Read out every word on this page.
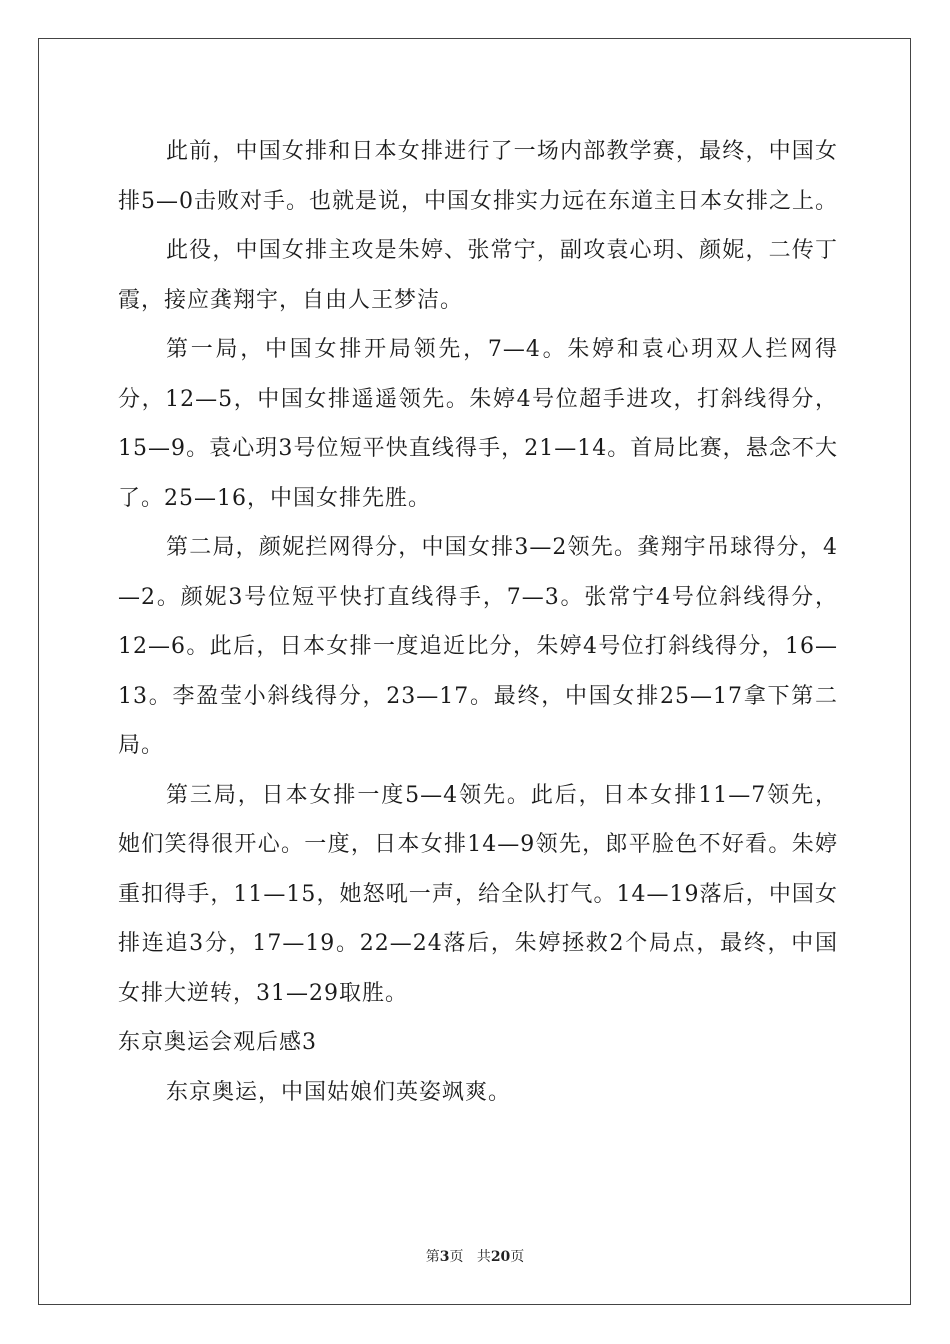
此前，中国女排和日本女排进行了一场内部教学赛，最终，中国女排5—0击败对手。也就是说，中国女排实力远在东道主日本女排之上。

此役，中国女排主攻是朱婷、张常宁，副攻袁心玥、颜妮，二传丁霞，接应龚翔宇，自由人王梦洁。

第一局，中国女排开局领先，7—4。朱婷和袁心玥双人拦网得分，12—5，中国女排遥遥领先。朱婷4号位超手进攻，打斜线得分，15—9。袁心玥3号位短平快直线得手，21—14。首局比赛，悬念不大了。25—16，中国女排先胜。

第二局，颜妮拦网得分，中国女排3—2领先。龚翔宇吊球得分，4—2。颜妮3号位短平快打直线得手，7—3。张常宁4号位斜线得分，12—6。此后，日本女排一度追近比分，朱婷4号位打斜线得分，16—13。李盈莹小斜线得分，23—17。最终，中国女排25—17拿下第二局。

第三局，日本女排一度5—4领先。此后，日本女排11—7领先，她们笑得很开心。一度，日本女排14—9领先，郎平脸色不好看。朱婷重扣得手，11—15，她怒吼一声，给全队打气。14—19落后，中国女排连追3分，17—19。22—24落后，朱婷拯救2个局点，最终，中国女排大逆转，31—29取胜。

东京奥运会观后感3

东京奥运，中国姑娘们英姿飒爽。

第3页 共20页
